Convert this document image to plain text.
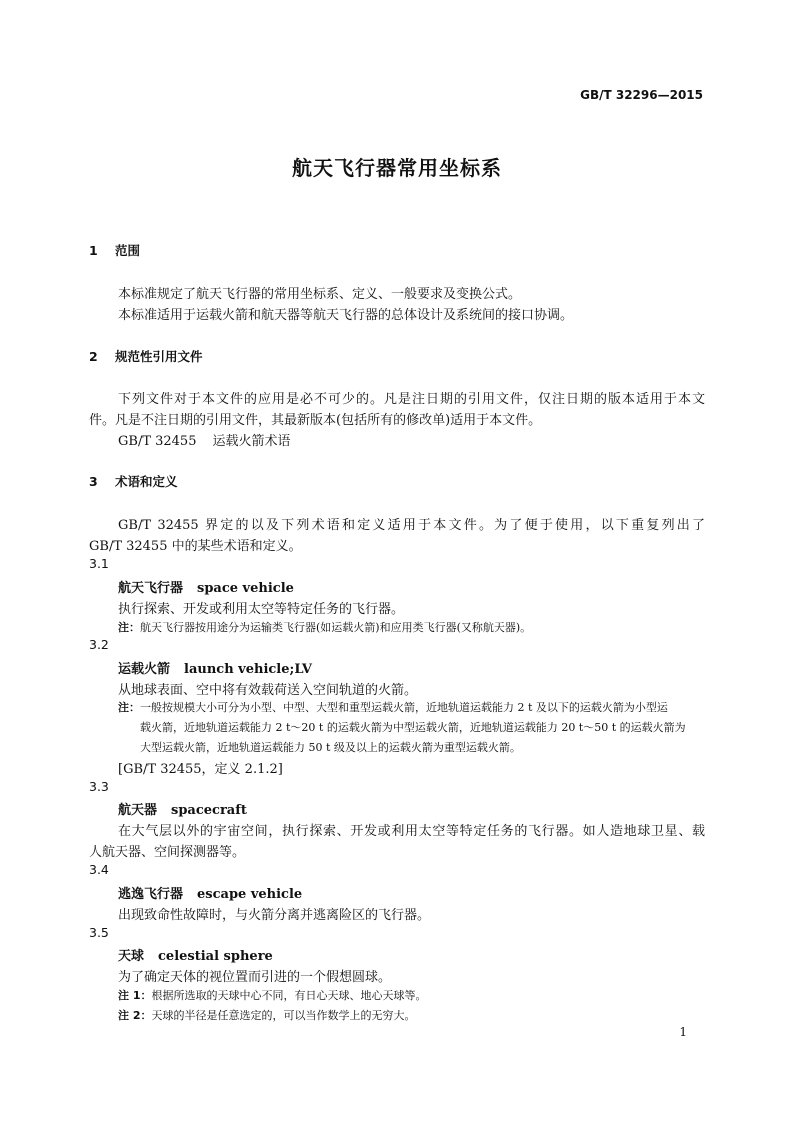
GB/T 32296—2015
航天飞行器常用坐标系
1 范围
本标准规定了航天飞行器的常用坐标系、定义、一般要求及变换公式。
本标准适用于运载火箭和航天器等航天飞行器的总体设计及系统间的接口协调。
2 规范性引用文件
下列文件对于本文件的应用是必不可少的。凡是注日期的引用文件，仅注日期的版本适用于本文
件。凡是不注日期的引用文件，其最新版本(包括所有的修改单)适用于本文件。
GB/T 32455 运载火箭术语
3 术语和定义
GB/T 32455 界定的以及下列术语和定义适用于本文件。为了便于使用，以下重复列出了
GB/T 32455 中的某些术语和定义。
3.1
航天飞行器 space vehicle
执行探索、开发或利用太空等特定任务的飞行器。
注：航天飞行器按用途分为运输类飞行器(如运载火箭)和应用类飞行器(又称航天器)。
3.2
运载火箭 launch vehicle;LV
从地球表面、空中将有效载荷送入空间轨道的火箭。
注：一般按规模大小可分为小型、中型、大型和重型运载火箭，近地轨道运载能力 2 t 及以下的运载火箭为小型运
载火箭，近地轨道运载能力 2 t～20 t 的运载火箭为中型运载火箭，近地轨道运载能力 20 t～50 t 的运载火箭为
大型运载火箭，近地轨道运载能力 50 t 级及以上的运载火箭为重型运载火箭。
[GB/T 32455，定义 2.1.2]
3.3
航天器 spacecraft
在大气层以外的宇宙空间，执行探索、开发或利用太空等特定任务的飞行器。如人造地球卫星、载
人航天器、空间探测器等。
3.4
逃逸飞行器 escape vehicle
出现致命性故障时，与火箭分离并逃离险区的飞行器。
3.5
天球 celestial sphere
为了确定天体的视位置而引进的一个假想圆球。
注 1：根据所选取的天球中心不同，有日心天球、地心天球等。
注 2：天球的半径是任意选定的，可以当作数学上的无穷大。
1
